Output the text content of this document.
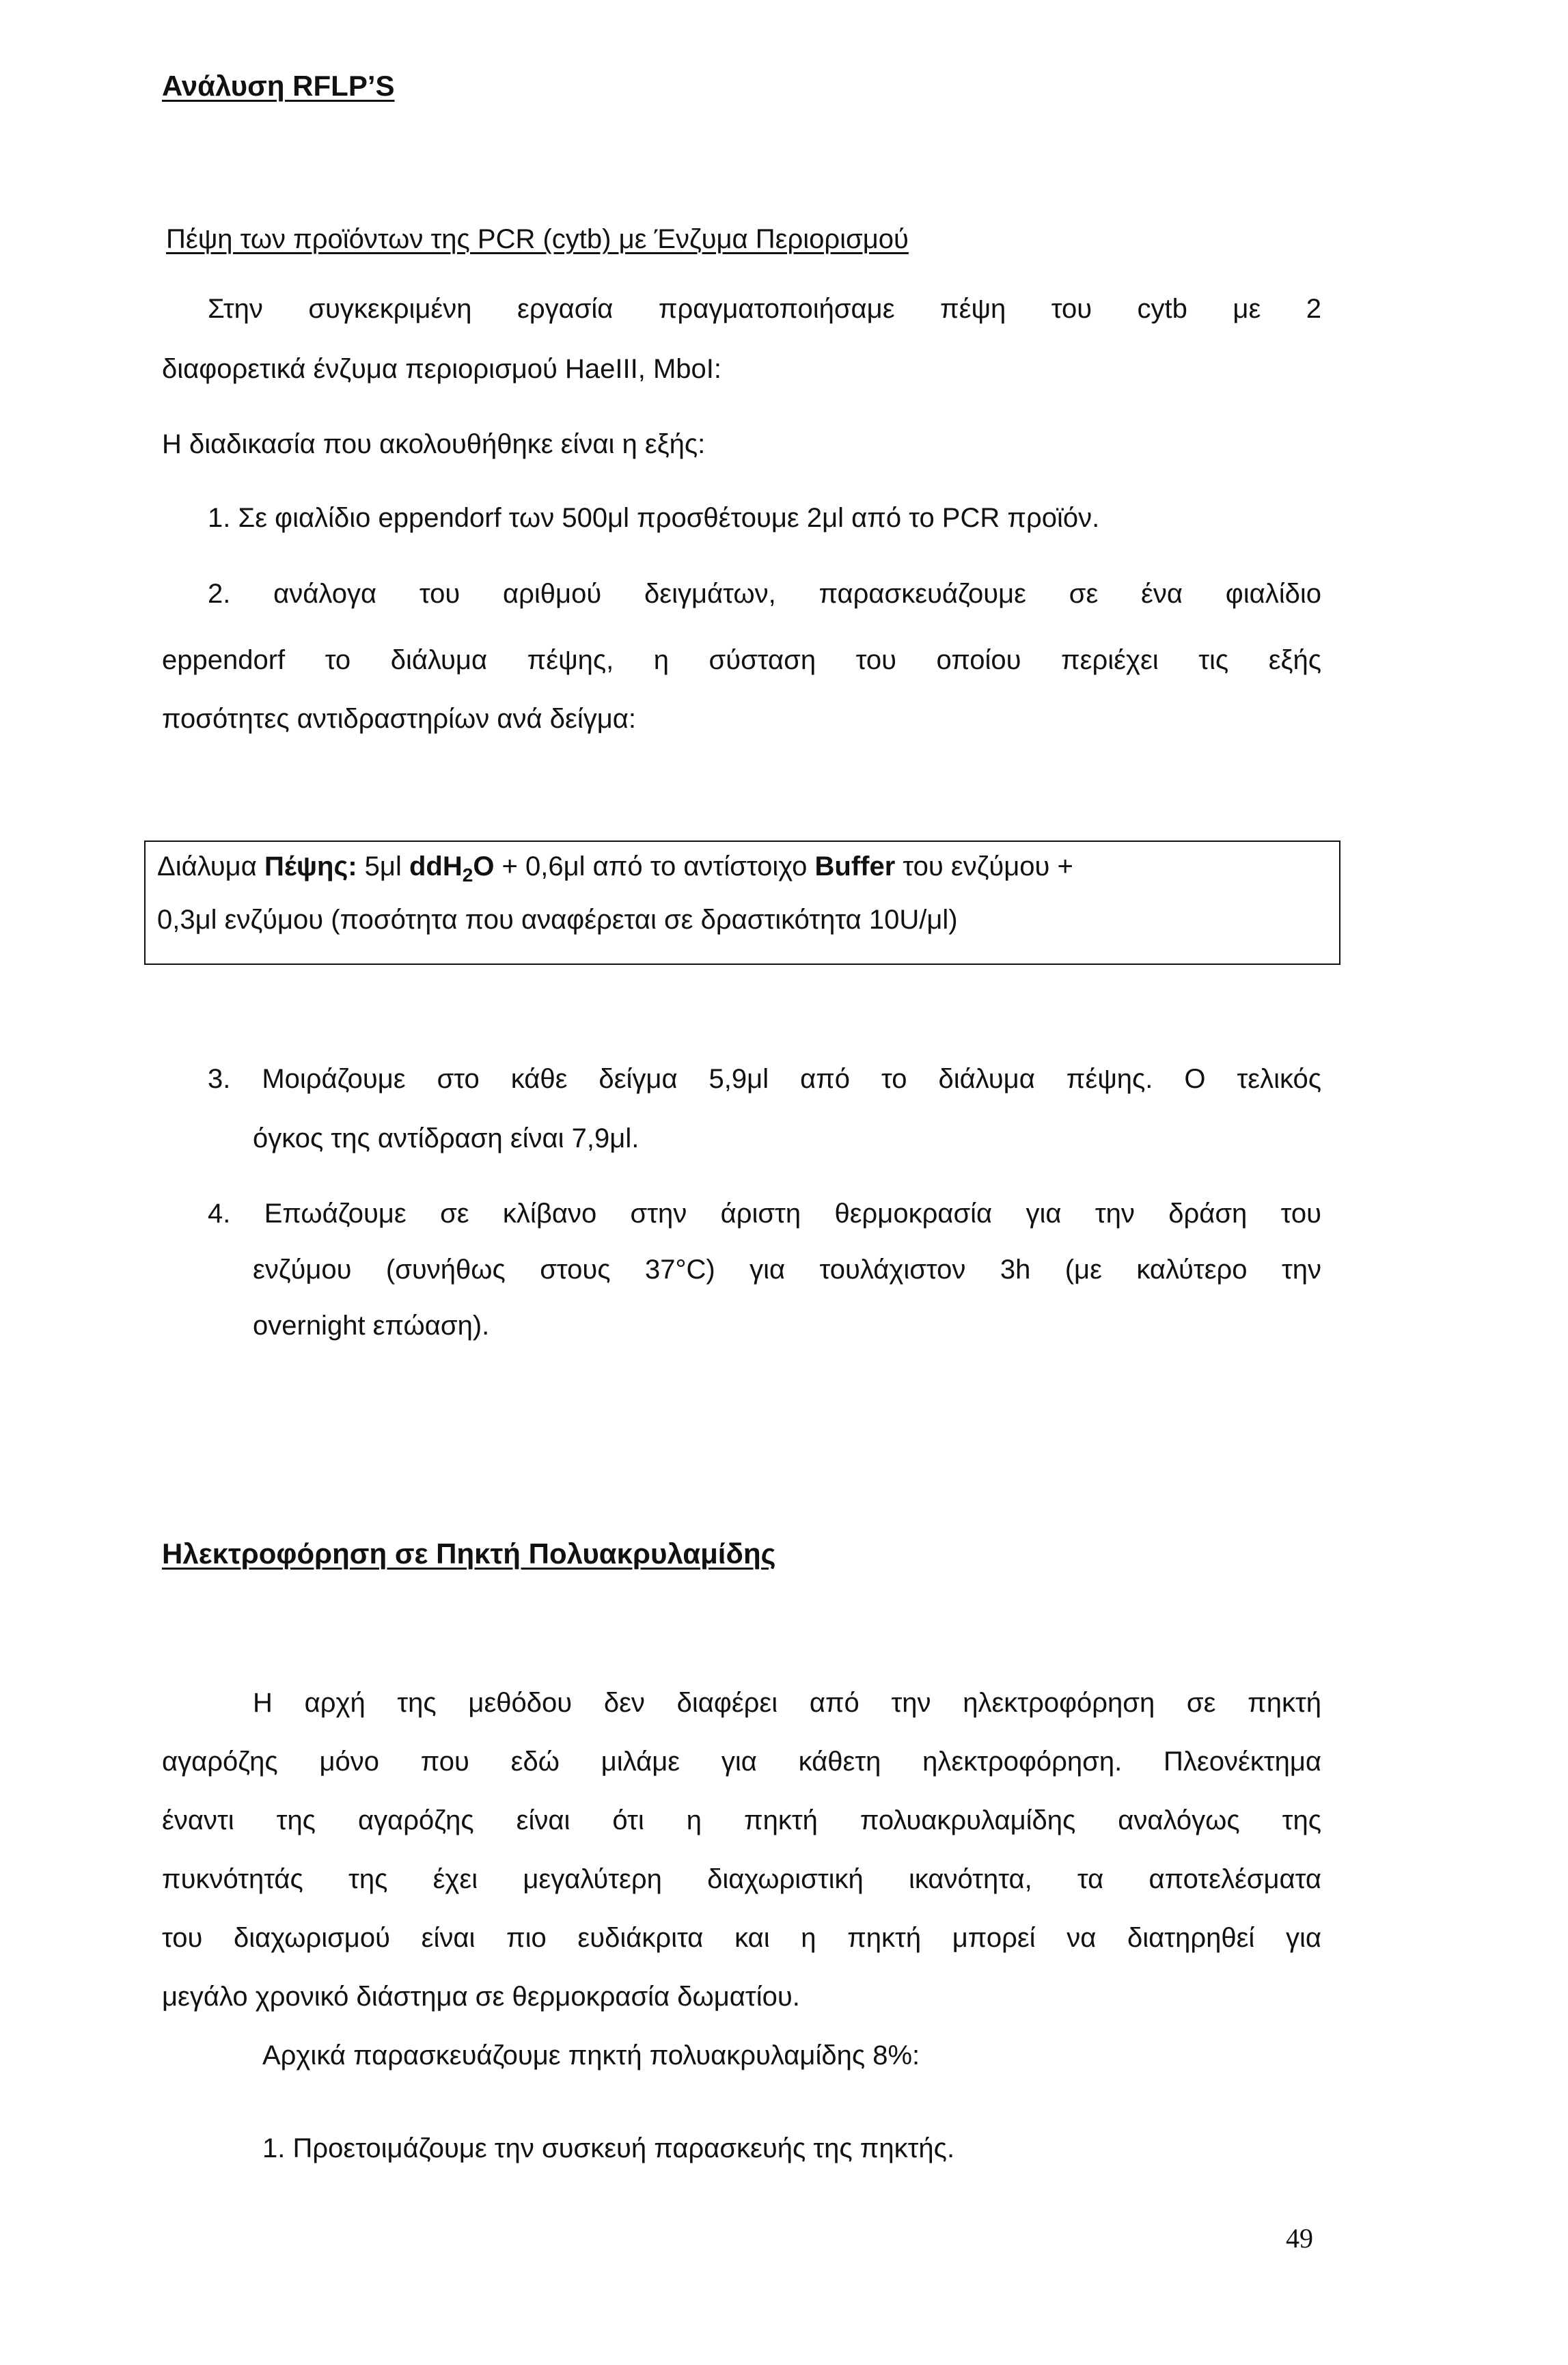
Ανάλυση RFLP’S
Πέψη των προϊόντων της PCR (cytb) με Ένζυμα Περιορισμού
Στην συγκεκριμένη εργασία πραγματοποιήσαμε πέψη του cytb με 2
διαφορετικά ένζυμα περιορισμού HaeIII, MboI:
Η διαδικασία που ακολουθήθηκε είναι η εξής:
1. Σε φιαλίδιο eppendorf των 500μl προσθέτουμε 2μl από το PCR προϊόν.
2. ανάλογα του αριθμού δειγμάτων, παρασκευάζουμε σε ένα φιαλίδιο
eppendorf το διάλυμα πέψης, η σύσταση του οποίου περιέχει τις εξής
ποσότητες αντιδραστηρίων ανά δείγμα:
Διάλυμα Πέψης: 5μl ddH$_2$O + 0,6μl από το αντίστοιχο Buffer του ενζύμου +
0,3μl ενζύμου (ποσότητα που αναφέρεται σε δραστικότητα 10U/μl)
3. Μοιράζουμε στο κάθε δείγμα 5,9μl από το διάλυμα πέψης. Ο τελικός
όγκος της αντίδραση είναι 7,9μl.
4. Επωάζουμε σε κλίβανο στην άριστη θερμοκρασία για την δράση του
ενζύμου (συνήθως στους 37°C) για τουλάχιστον 3h (με καλύτερο την
overnight επώαση).
Ηλεκτροφόρηση σε Πηκτή Πολυακρυλαμίδης
Η αρχή της μεθόδου δεν διαφέρει από την ηλεκτροφόρηση σε πηκτή
αγαρόζης μόνο που εδώ μιλάμε για κάθετη ηλεκτροφόρηση. Πλεονέκτημα
έναντι της αγαρόζης είναι ότι η πηκτή πολυακρυλαμίδης αναλόγως της
πυκνότητάς της έχει μεγαλύτερη διαχωριστική ικανότητα, τα αποτελέσματα
του διαχωρισμού είναι πιο ευδιάκριτα και η πηκτή μπορεί να διατηρηθεί για
μεγάλο χρονικό διάστημα σε θερμοκρασία δωματίου.
Αρχικά παρασκευάζουμε πηκτή πολυακρυλαμίδης 8%:
1. Προετοιμάζουμε την συσκευή παρασκευής της πηκτής.
49
